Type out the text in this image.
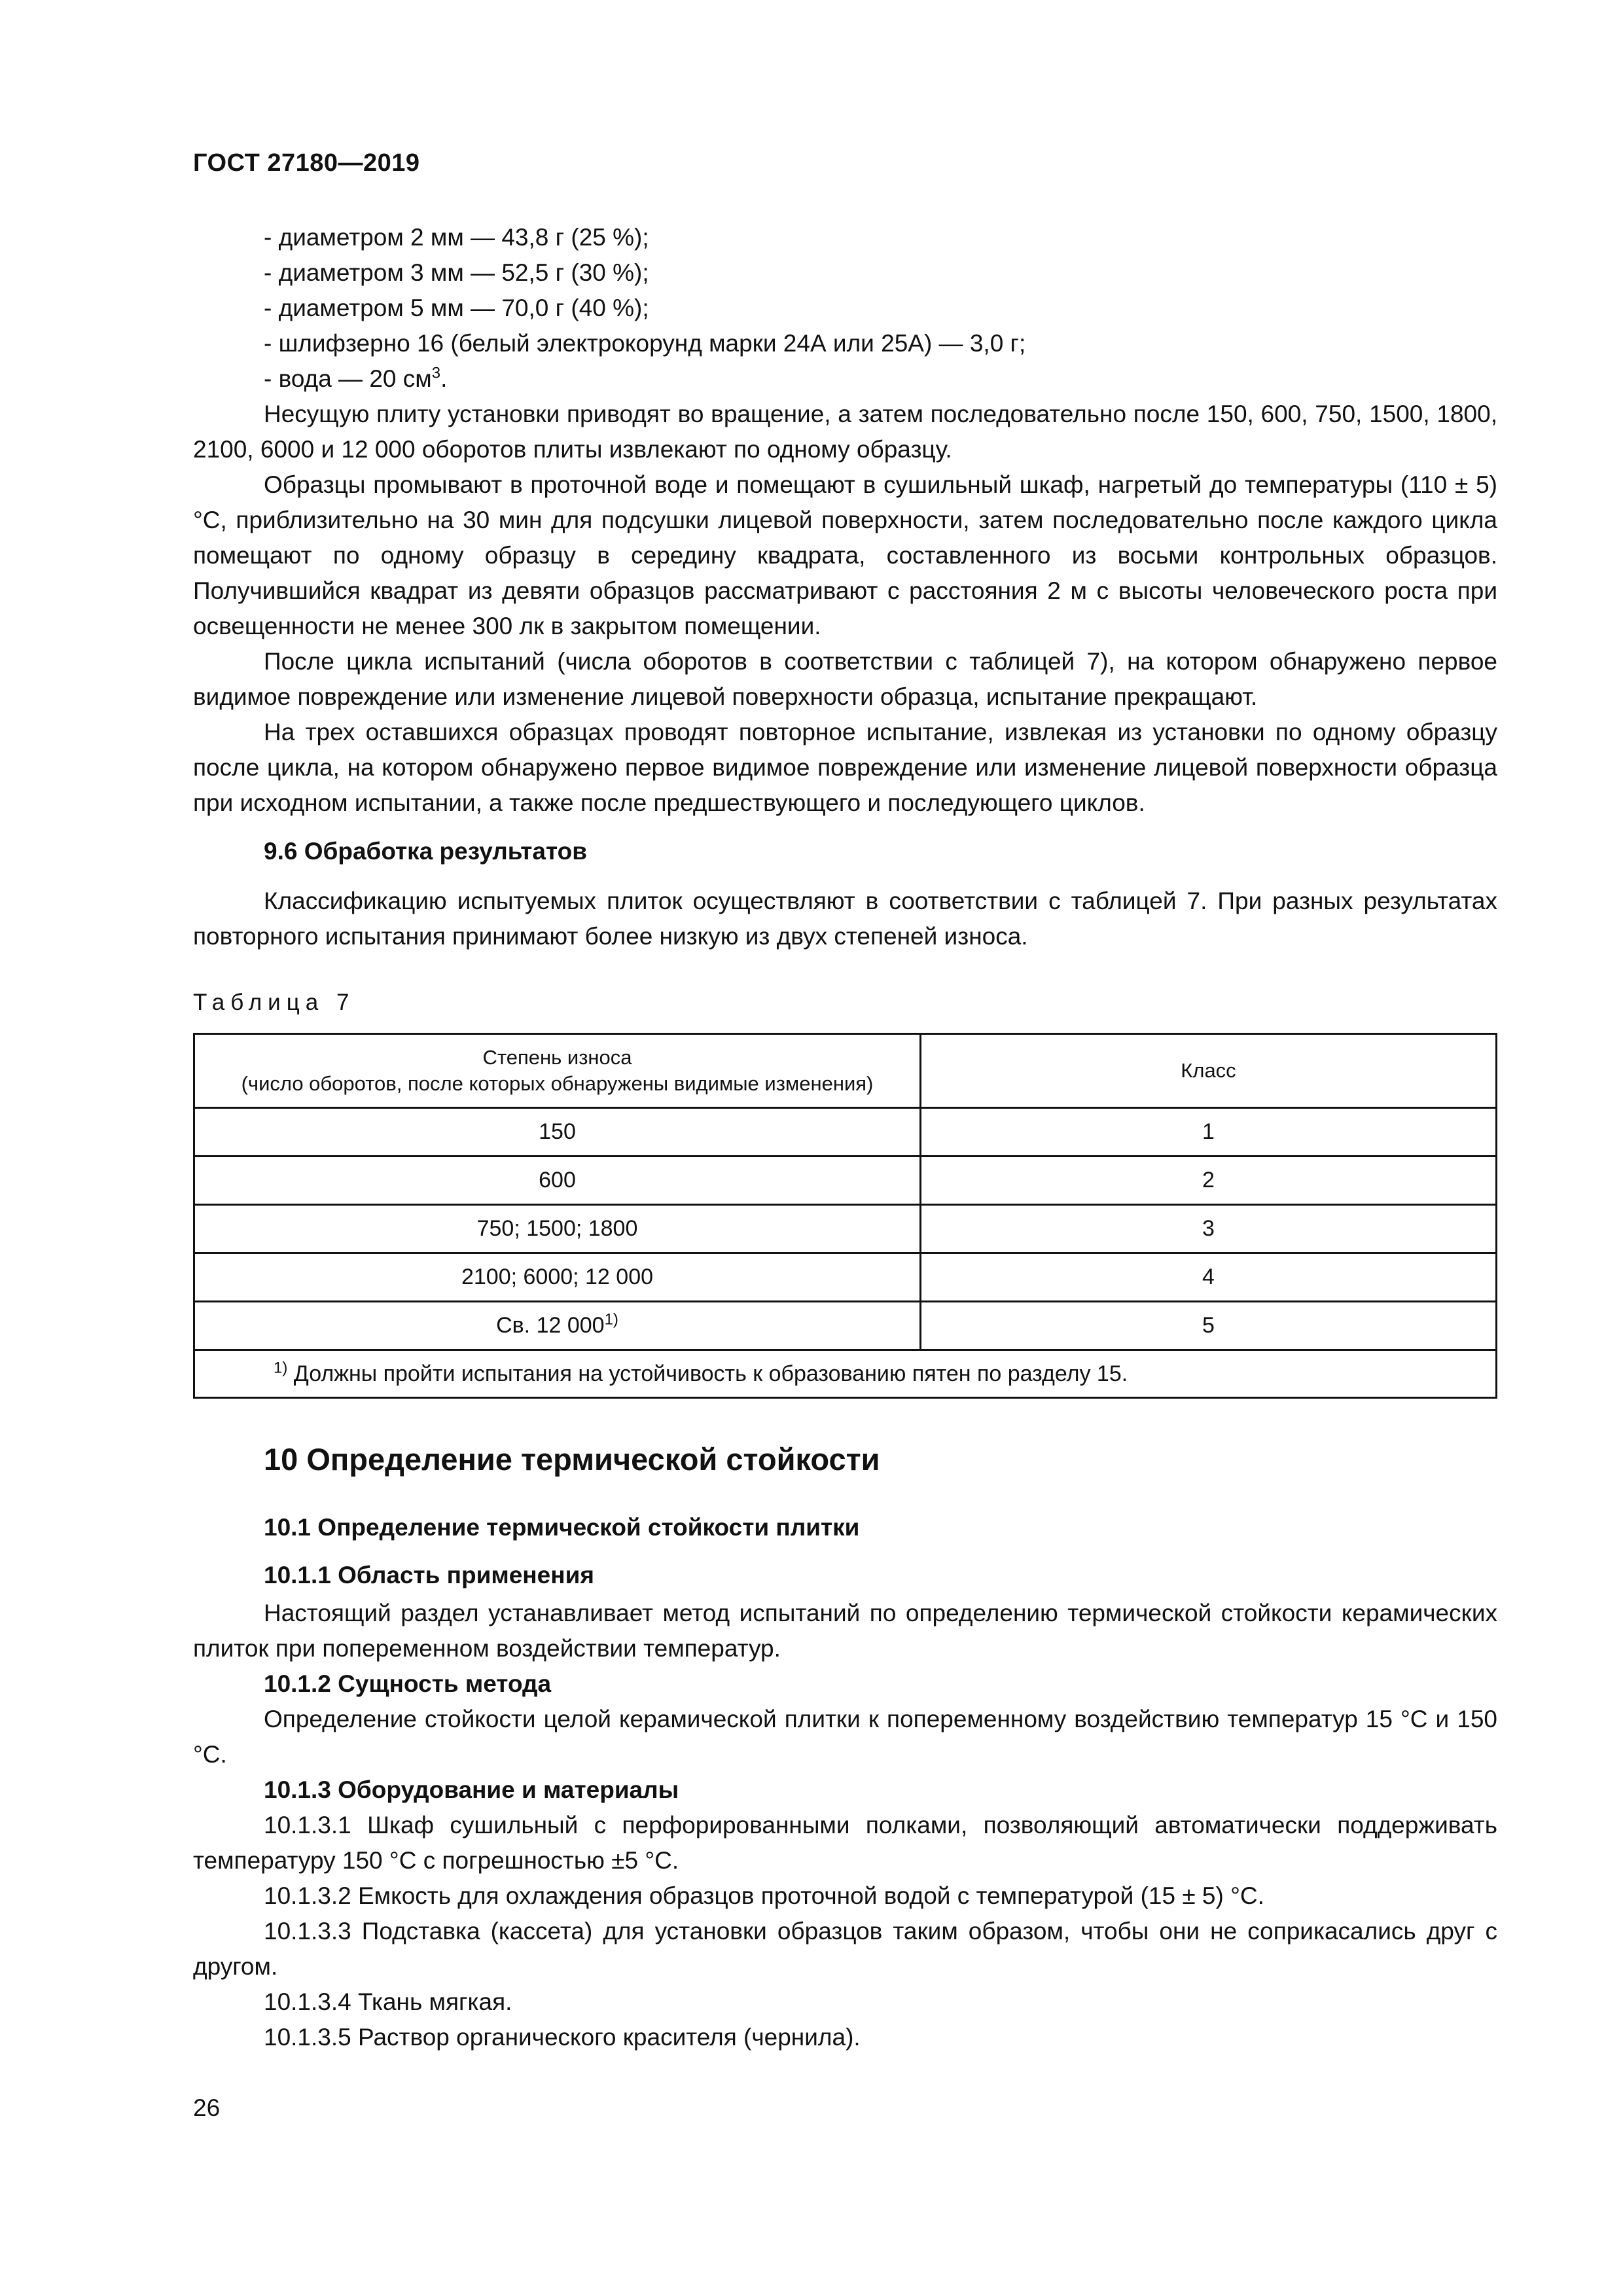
ГОСТ 27180—2019

- диаметром 2 мм — 43,8 г (25 %);

- диаметром 3 мм — 52,5 г (30 %);

- диаметром 5 мм — 70,0 г (40 %);

- шлифзерно 16 (белый электрокорунд марки 24А или 25А) — 3,0 г;

- вода — 20 $см^3$.

Несущую плиту установки приводят во вращение, а затем последовательно после 150, 600, 750, 1500, 1800, 2100, 6000 и 12 000 оборотов плиты извлекают по одному образцу.

Образцы промывают в проточной воде и помещают в сушильный шкаф, нагретый до температуры (110 ± 5) °С, приблизительно на 30 мин для подсушки лицевой поверхности, затем последовательно после каждого цикла помещают по одному образцу в середину квадрата, составленного из восьми контрольных образцов. Получившийся квадрат из девяти образцов рассматривают с расстояния 2 м с высоты человеческого роста при освещенности не менее 300 лк в закрытом помещении.

После цикла испытаний (числа оборотов в соответствии с таблицей 7), на котором обнаружено первое видимое повреждение или изменение лицевой поверхности образца, испытание прекращают.

На трех оставшихся образцах проводят повторное испытание, извлекая из установки по одному образцу после цикла, на котором обнаружено первое видимое повреждение или изменение лицевой поверхности образца при исходном испытании, а также после предшествующего и последующего циклов.

9.6 Обработка результатов

Классификацию испытуемых плиток осуществляют в соответствии с таблицей 7. При разных результатах повторного испытания принимают более низкую из двух степеней износа.

Таблица 7
Степень износа
(число оборотов, после которых обнаружены видимые изменения)	Класс
150	1
600	2
750; 1500; 1800	3
2100; 6000; 12 000	4
Св. 12 000$^{1)}$	5
$^{1)}$ Должны пройти испытания на устойчивость к образованию пятен по разделу 15.	
10 Определение термической стойкости
10.1 Определение термической стойкости плитки
10.1.1 Область применения

Настоящий раздел устанавливает метод испытаний по определению термической стойкости керамических плиток при попеременном воздействии температур.

10.1.2 Сущность метода

Определение стойкости целой керамической плитки к попеременному воздействию температур 15 °С и 150 °С.

10.1.3 Оборудование и материалы

10.1.3.1 Шкаф сушильный с перфорированными полками, позволяющий автоматически поддерживать температуру 150 °С с погрешностью ±5 °С.

10.1.3.2 Емкость для охлаждения образцов проточной водой с температурой (15 ± 5) °С.

10.1.3.3 Подставка (кассета) для установки образцов таким образом, чтобы они не соприкасались друг с другом.

10.1.3.4 Ткань мягкая.

10.1.3.5 Раствор органического красителя (чернила).

26
